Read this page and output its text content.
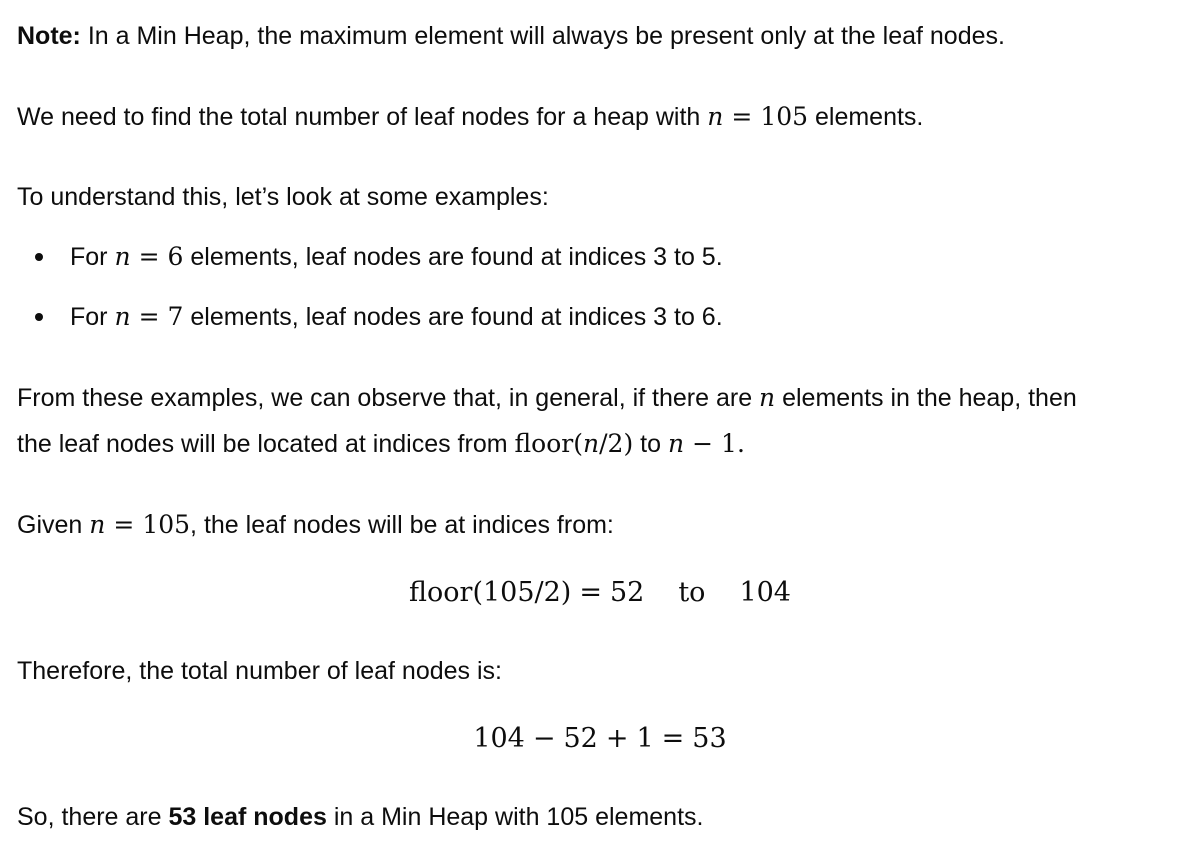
Note: In a Min Heap, the maximum element will always be present only at the leaf nodes.
We need to find the total number of leaf nodes for a heap with n = 105 elements.
To understand this, let’s look at some examples:
For n = 6 elements, leaf nodes are found at indices 3 to 5.
For n = 7 elements, leaf nodes are found at indices 3 to 6.
From these examples, we can observe that, in general, if there are n elements in the heap, then
the leaf nodes will be located at indices from floor(n/2) to n − 1.
Given n = 105, the leaf nodes will be at indices from:
floor(105/2) = 52 to 104
Therefore, the total number of leaf nodes is:
104 − 52 + 1 = 53
So, there are 53 leaf nodes in a Min Heap with 105 elements.
